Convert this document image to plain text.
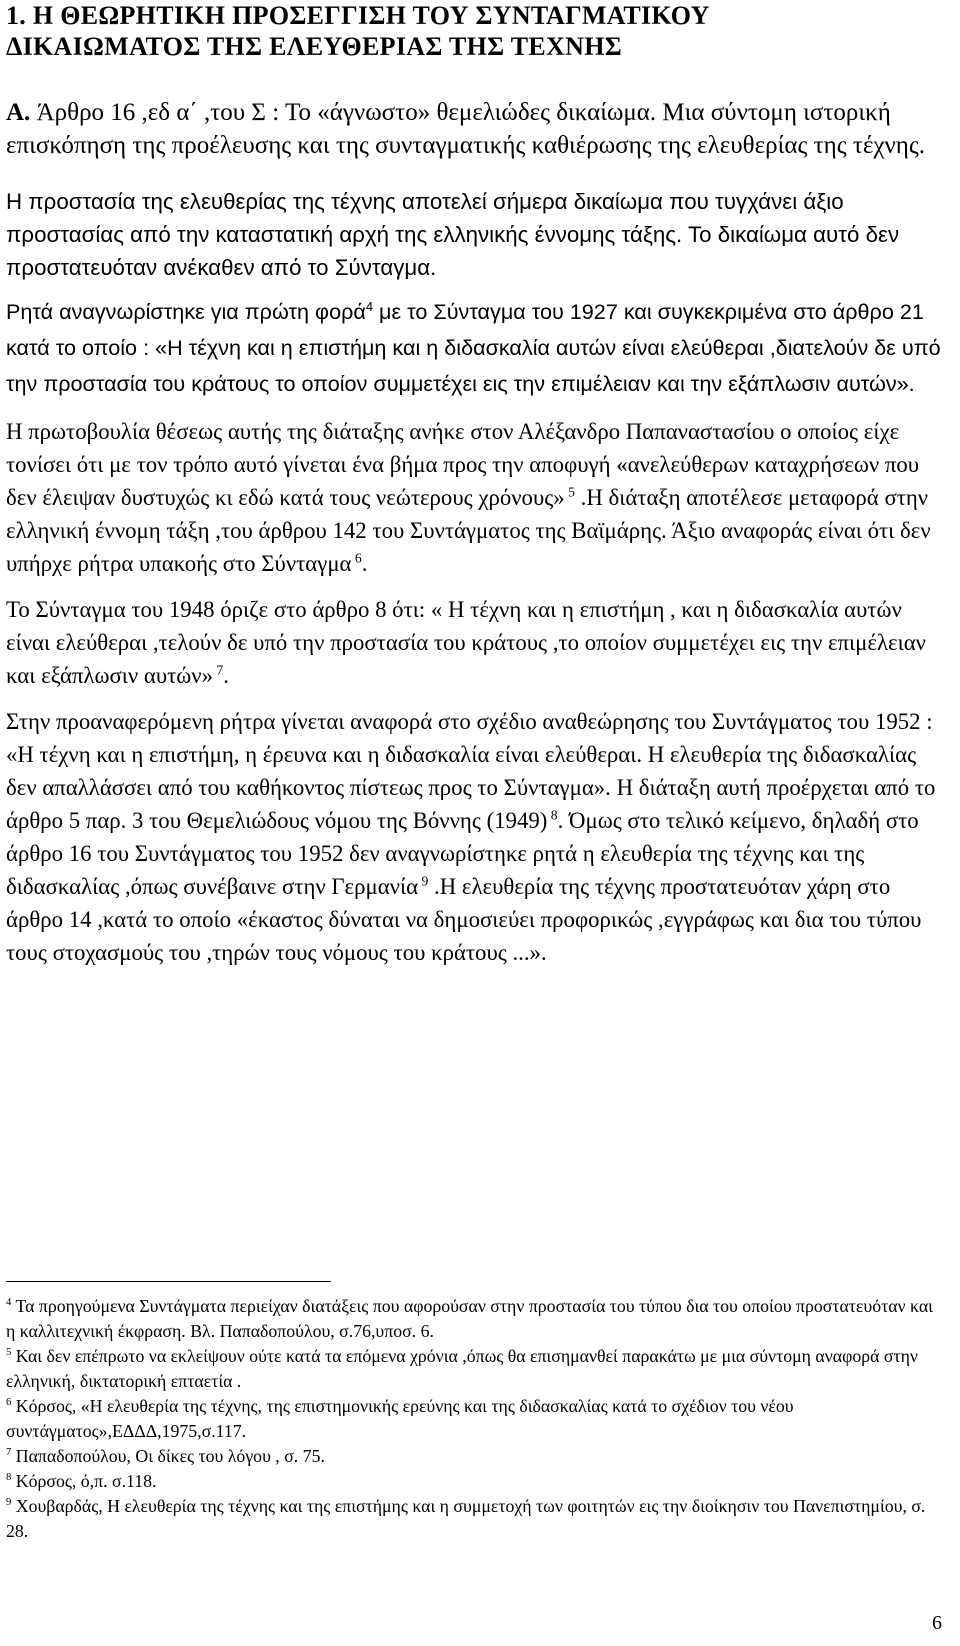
1. Η ΘΕΩΡΗΤΙΚΗ ΠΡΟΣΕΓΓΙΣΗ ΤΟΥ ΣΥΝΤΑΓΜΑΤΙΚΟΥ
ΔΙΚΑΙΩΜΑΤΟΣ ΤΗΣ ΕΛΕΥΘΕΡΙΑΣ ΤΗΣ ΤΕΧΝΗΣ

A. Άρθρο 16 ,εδ α΄ ,του Σ : Το «άγνωστο» θεμελιώδες δικαίωμα. Μια σύντομη ιστορική επισκόπηση της προέλευσης και της συνταγματικής καθιέρωσης της ελευθερίας της τέχνης.

Η προστασία της ελευθερίας της τέχνης αποτελεί σήμερα δικαίωμα που τυγχάνει άξιο προστασίας από την καταστατική αρχή της ελληνικής έννομης τάξης. Το δικαίωμα αυτό δεν προστατευόταν ανέκαθεν από το Σύνταγμα.

Ρητά αναγνωρίστηκε για πρώτη φορά$^4$ με το Σύνταγμα του 1927 και συγκεκριμένα στο άρθρο 21 κατά το οποίο : «Η τέχνη και η επιστήμη και η διδασκαλία αυτών είναι ελεύθεραι ,διατελούν δε υπό την προστασία του κράτους το οποίον συμμετέχει εις την επιμέλειαν και την εξάπλωσιν αυτών».

Η πρωτοβουλία θέσεως αυτής της διάταξης ανήκε στον Αλέξανδρο Παπαναστασίου ο οποίος είχε τονίσει ότι με τον τρόπο αυτό γίνεται ένα βήμα προς την αποφυγή «ανελεύθερων καταχρήσεων που δεν έλειψαν δυστυχώς κι εδώ κατά τους νεώτερους χρόνους» $^5$ .Η διάταξη αποτέλεσε μεταφορά στην ελληνική έννομη τάξη ,του άρθρου 142 του Συντάγματος της Βαϊμάρης. Άξιο αναφοράς είναι ότι δεν υπήρχε ρήτρα υπακοής στο Σύνταγμα $^6$.

Το Σύνταγμα του 1948 όριζε στο άρθρο 8 ότι: « Η τέχνη και η επιστήμη , και η διδασκαλία αυτών είναι ελεύθεραι ,τελούν δε υπό την προστασία του κράτους ,το οποίον συμμετέχει εις την επιμέλειαν και εξάπλωσιν αυτών» $^7$.

Στην προαναφερόμενη ρήτρα γίνεται αναφορά στο σχέδιο αναθεώρησης του Συντάγματος του 1952 : «Η τέχνη και η επιστήμη, η έρευνα και η διδασκαλία είναι ελεύθεραι. Η ελευθερία της διδασκαλίας δεν απαλλάσσει από του καθήκοντος πίστεως προς το Σύνταγμα». Η διάταξη αυτή προέρχεται από το άρθρο 5 παρ. 3 του Θεμελιώδους νόμου της Βόννης (1949) $^8$. Όμως στο τελικό κείμενο, δηλαδή στο άρθρο 16 του Συντάγματος του 1952 δεν αναγνωρίστηκε ρητά η ελευθερία της τέχνης και της διδασκαλίας ,όπως συνέβαινε στην Γερμανία $^9$ .Η ελευθερία της τέχνης προστατευόταν χάρη στο άρθρο 14 ,κατά το οποίο «έκαστος δύναται να δημοσιεύει προφορικώς ,εγγράφως και δια του τύπου τους στοχασμούς του ,τηρών τους νόμους του κράτους ...».

$^4$ Τα προηγούμενα Συντάγματα περιείχαν διατάξεις που αφορούσαν στην προστασία του τύπου δια του οποίου προστατευόταν και η καλλιτεχνική έκφραση. Βλ. Παπαδοπούλου, σ.76,υποσ. 6.
$^5$ Και δεν επέπρωτο να εκλείψουν ούτε κατά τα επόμενα χρόνια ,όπως θα επισημανθεί παρακάτω με μια σύντομη αναφορά στην ελληνική, δικτατορική επταετία .
$^6$ Κόρσος, «Η ελευθερία της τέχνης, της επιστημονικής ερεύνης και της διδασκαλίας κατά το σχέδιον του νέου συντάγματος»,ΕΔΔΔ,1975,σ.117.
$^7$ Παπαδοπούλου, Οι δίκες του λόγου , σ. 75.
$^8$ Κόρσος, ό,π. σ.118.
$^9$ Χουβαρδάς, Η ελευθερία της τέχνης και της επιστήμης και η συμμετοχή των φοιτητών εις την διοίκησιν του Πανεπιστημίου, σ. 28.
6
